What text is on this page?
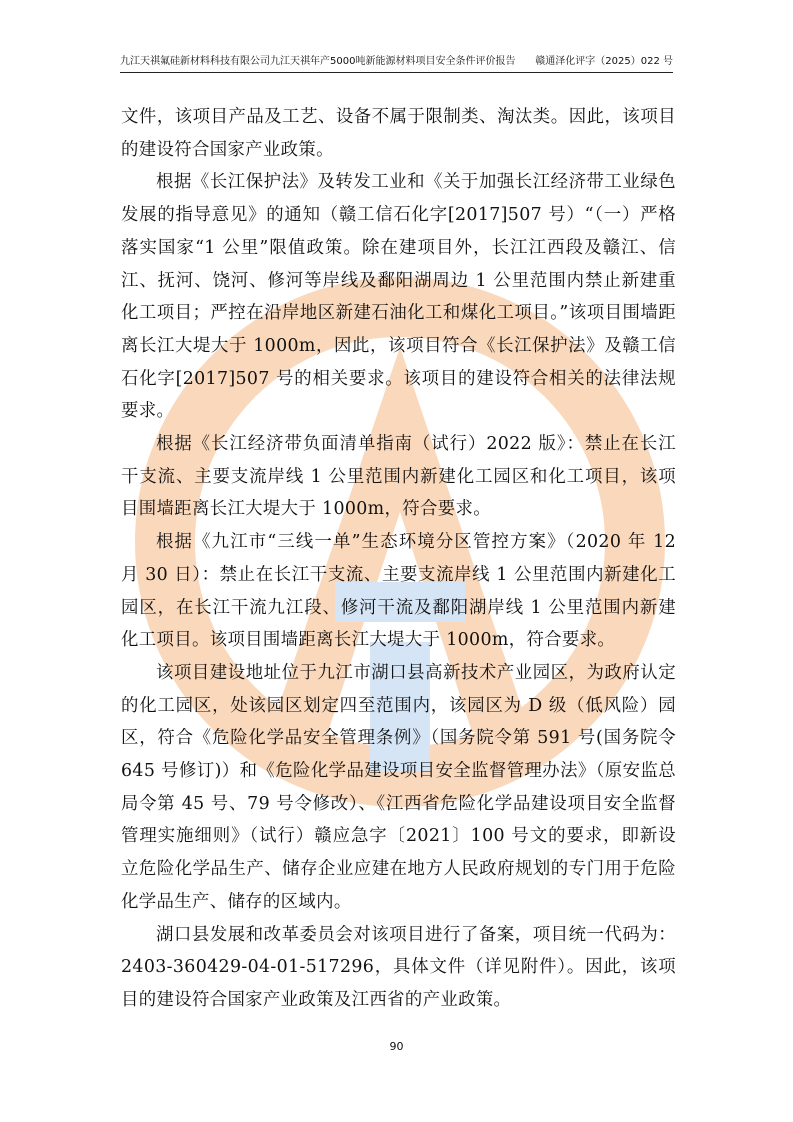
九江天祺氟硅新材料科技有限公司九江天祺年产5000吨新能源材料项目安全条件评价报告 赣通泽化评字（2025）022 号

文件，该项目产品及工艺、设备不属于限制类、淘汰类。因此，该项目的建设符合国家产业政策。

根据《长江保护法》及转发工业和《关于加强长江经济带工业绿色发展的指导意见》的通知（赣工信石化字[2017]507 号）“（一）严格落实国家“1 公里”限值政策。除在建项目外，长江江西段及赣江、信江、抚河、饶河、修河等岸线及鄱阳湖周边 1 公里范围内禁止新建重化工项目；严控在沿岸地区新建石油化工和煤化工项目。”该项目围墙距离长江大堤大于 1000m，因此，该项目符合《长江保护法》及赣工信石化字[2017]507 号的相关要求。该项目的建设符合相关的法律法规要求。

根据《长江经济带负面清单指南（试行）2022 版》：禁止在长江干支流、主要支流岸线 1 公里范围内新建化工园区和化工项目，该项目围墙距离长江大堤大于 1000m，符合要求。

根据《九江市“三线一单”生态环境分区管控方案》（2020 年 12 月 30 日）：禁止在长江干支流、主要支流岸线 1 公里范围内新建化工园区，在长江干流九江段、修河干流及鄱阳湖岸线 1 公里范围内新建化工项目。该项目围墙距离长江大堤大于 1000m，符合要求。

该项目建设地址位于九江市湖口县高新技术产业园区，为政府认定的化工园区，处该园区划定四至范围内，该园区为 D 级（低风险）园区，符合《危险化学品安全管理条例》（国务院令第 591 号(国务院令 645 号修订)）和《危险化学品建设项目安全监督管理办法》（原安监总局令第 45 号、79 号令修改）、《江西省危险化学品建设项目安全监督管理实施细则》（试行）赣应急字〔2021〕100 号文的要求，即新设立危险化学品生产、储存企业应建在地方人民政府规划的专门用于危险化学品生产、储存的区域内。

湖口县发展和改革委员会对该项目进行了备案，项目统一代码为：2403-360429-04-01-517296，具体文件（详见附件）。因此，该项目的建设符合国家产业政策及江西省的产业政策。

90
